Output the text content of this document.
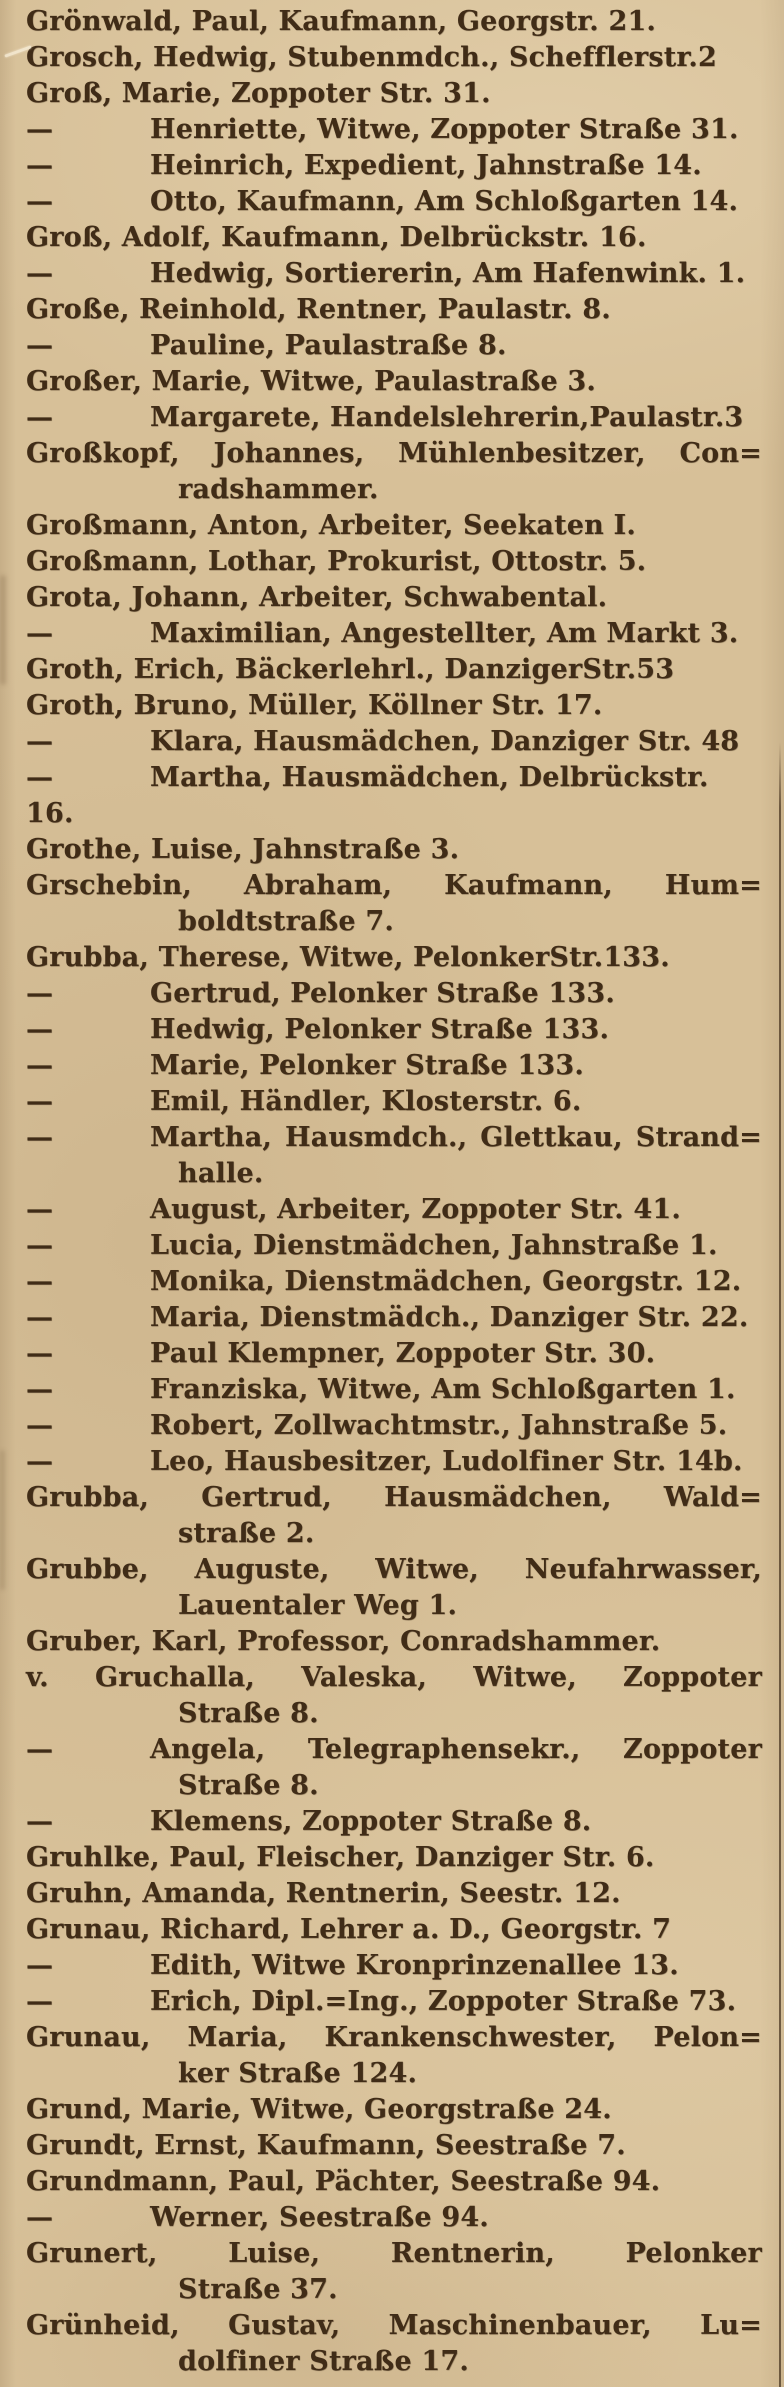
Grönwald, Paul, Kaufmann, Georgstr. 21.
Grosch, Hedwig, Stubenmdch., Schefflerstr.2
Groß, Marie, Zoppoter Str. 31.
—	Henriette, Witwe, Zoppoter Straße 31.
—	Heinrich, Expedient, Jahnstraße 14.
—	Otto, Kaufmann, Am Schloßgarten 14.
Groß, Adolf, Kaufmann, Delbrückstr. 16.
—	Hedwig, Sortiererin, Am Hafenwink. 1.
Große, Reinhold, Rentner, Paulastr. 8.
—	Pauline, Paulastraße 8.
Großer, Marie, Witwe, Paulastraße 3.
—	Margarete, Handelslehrerin,Paulastr.3
Großkopf, Johannes, Mühlenbesitzer, Con=
radshammer.
Großmann, Anton, Arbeiter, Seekaten I.
Großmann, Lothar, Prokurist, Ottostr. 5.
Grota, Johann, Arbeiter, Schwabental.
—	Maximilian, Angestellter, Am Markt 3.
Groth, Erich, Bäckerlehrl., DanzigerStr.53
Groth, Bruno, Müller, Köllner Str. 17.
—	Klara, Hausmädchen, Danziger Str. 48
—	Martha, Hausmädchen, Delbrückstr. 16.
Grothe, Luise, Jahnstraße 3.
Grschebin, Abraham, Kaufmann, Hum=
boldtstraße 7.
Grubba, Therese, Witwe, PelonkerStr.133.
—	Gertrud, Pelonker Straße 133.
—	Hedwig, Pelonker Straße 133.
—	Marie, Pelonker Straße 133.
—	Emil, Händler, Klosterstr. 6.
—	Martha, Hausmdch., Glettkau, Strand=
halle.
—	August, Arbeiter, Zoppoter Str. 41.
—	Lucia, Dienstmädchen, Jahnstraße 1.
—	Monika, Dienstmädchen, Georgstr. 12.
—	Maria, Dienstmädch., Danziger Str. 22.
—	Paul Klempner, Zoppoter Str. 30.
—	Franziska, Witwe, Am Schloßgarten 1.
—	Robert, Zollwachtmstr., Jahnstraße 5.
—	Leo, Hausbesitzer, Ludolfiner Str. 14b.
Grubba, Gertrud, Hausmädchen, Wald=
straße 2.
Grubbe, Auguste, Witwe, Neufahrwasser,
Lauentaler Weg 1.
Gruber, Karl, Professor, Conradshammer.
v. Gruchalla, Valeska, Witwe, Zoppoter
Straße 8.
—	Angela, Telegraphensekr., Zoppoter
Straße 8.
—	Klemens, Zoppoter Straße 8.
Gruhlke, Paul, Fleischer, Danziger Str. 6.
Gruhn, Amanda, Rentnerin, Seestr. 12.
Grunau, Richard, Lehrer a. D., Georgstr. 7
—	Edith, Witwe Kronprinzenallee 13.
—	Erich, Dipl.=Ing., Zoppoter Straße 73.
Grunau, Maria, Krankenschwester, Pelon=
ker Straße 124.
Grund, Marie, Witwe, Georgstraße 24.
Grundt, Ernst, Kaufmann, Seestraße 7.
Grundmann, Paul, Pächter, Seestraße 94.
—	Werner, Seestraße 94.
Grunert, Luise, Rentnerin, Pelonker
Straße 37.
Grünheid, Gustav, Maschinenbauer, Lu=
dolfiner Straße 17.
